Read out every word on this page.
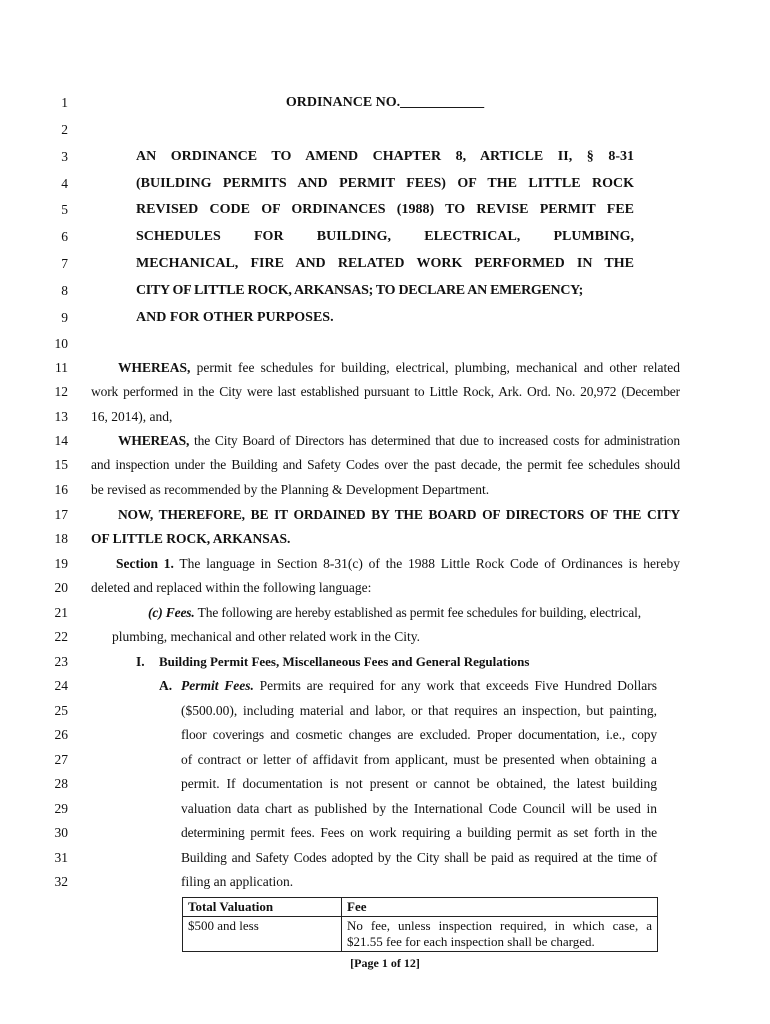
1
2
3
4
5
6
7
8
9
10
11
12
13
14
15
16
17
18
19
20
21
22
23
24
25
26
27
28
29
30
31
32
ORDINANCE NO.____________
AN ORDINANCE TO AMEND CHAPTER 8, ARTICLE II, § 8-31
(BUILDING PERMITS AND PERMIT FEES) OF THE LITTLE ROCK
REVISED CODE OF ORDINANCES (1988) TO REVISE PERMIT FEE
SCHEDULES FOR BUILDING, ELECTRICAL, PLUMBING,
MECHANICAL, FIRE AND RELATED WORK PERFORMED IN THE
CITY OF LITTLE ROCK, ARKANSAS; TO DECLARE AN EMERGENCY;
AND FOR OTHER PURPOSES.
WHEREAS, permit fee schedules for building, electrical, plumbing, mechanical and other related
work performed in the City were last established pursuant to Little Rock, Ark. Ord. No. 20,972 (December
16, 2014), and,
WHEREAS, the City Board of Directors has determined that due to increased costs for administration
and inspection under the Building and Safety Codes over the past decade, the permit fee schedules should
be revised as recommended by the Planning & Development Department.
NOW, THEREFORE, BE IT ORDAINED BY THE BOARD OF DIRECTORS OF THE CITY
OF LITTLE ROCK, ARKANSAS.
Section 1. The language in Section 8-31(c) of the 1988 Little Rock Code of Ordinances is hereby
deleted and replaced within the following language:
(c) Fees. The following are hereby established as permit fee schedules for building, electrical,
plumbing, mechanical and other related work in the City.
I. Building Permit Fees, Miscellaneous Fees and General Regulations
A. Permit Fees. Permits are required for any work that exceeds Five Hundred Dollars
($500.00), including material and labor, or that requires an inspection, but painting,
floor coverings and cosmetic changes are excluded. Proper documentation, i.e., copy
of contract or letter of affidavit from applicant, must be presented when obtaining a
permit. If documentation is not present or cannot be obtained, the latest building
valuation data chart as published by the International Code Council will be used in
determining permit fees. Fees on work requiring a building permit as set forth in the
Building and Safety Codes adopted by the City shall be paid as required at the time of
filing an application.
Total Valuation	Fee
$500 and less	No fee, unless inspection required, in which case, a $21.55 fee for each inspection shall be charged.
[Page 1 of 12]
